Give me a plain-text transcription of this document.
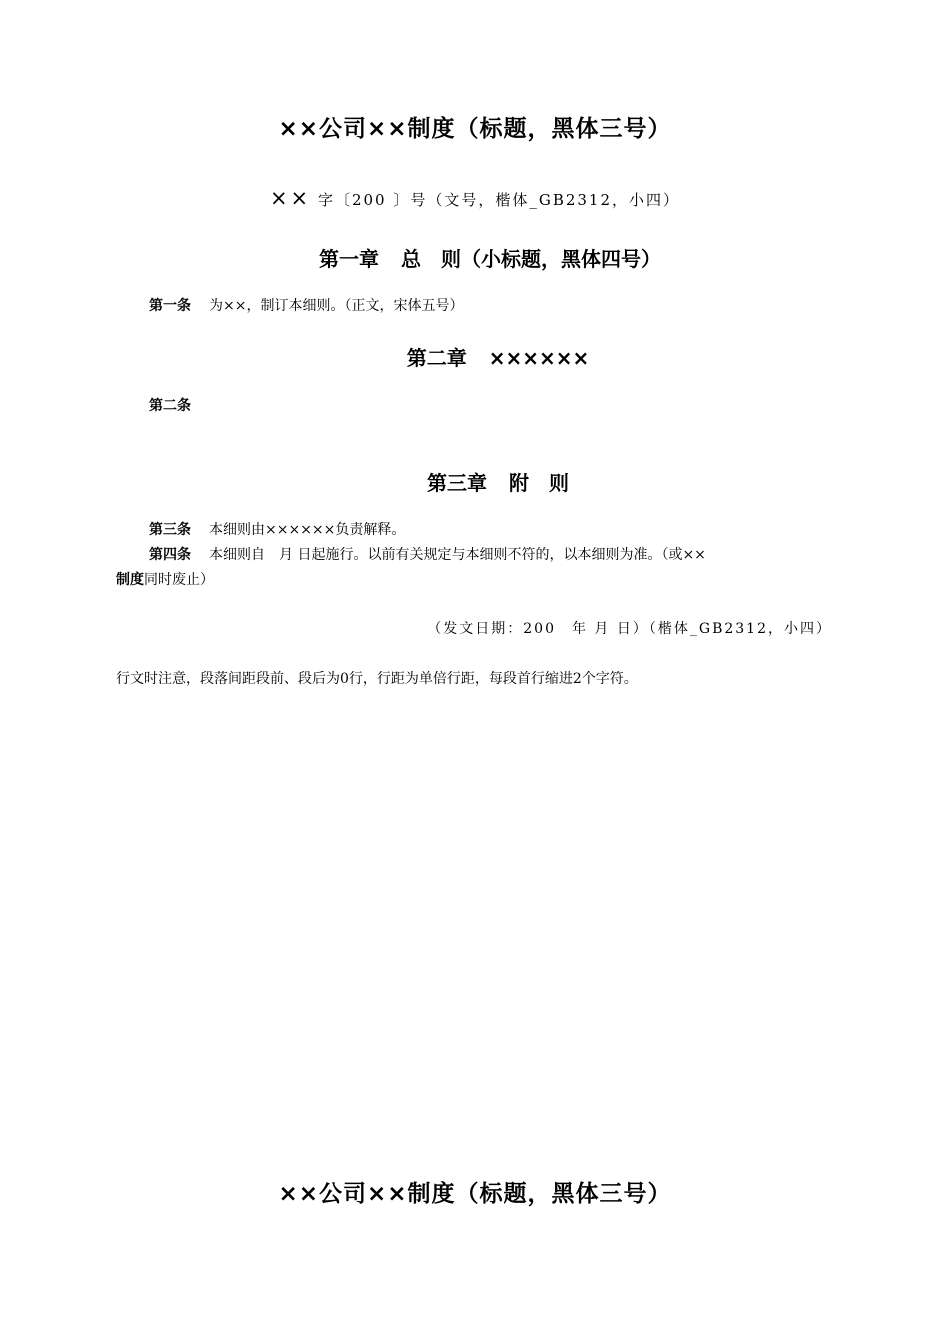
××公司××制度（标题，黑体三号）
×× 字〔200 〕号（文号，楷体_GB2312，小四）
第一章 总　则（小标题，黑体四号）
第一条 为××，制订本细则。（正文，宋体五号）
第二章 ××××××
第二条
第三章 附　则
第三条 本细则由××××××负责解释。
第四条 本细则自　月 日起施行。以前有关规定与本细则不符的，以本细则为准。（或××
制度同时废止）
（发文日期：200　年 月 日）（楷体_GB2312，小四）
行文时注意，段落间距段前、段后为0行，行距为单倍行距，每段首行缩进2个字符。
××公司××制度（标题，黑体三号）
